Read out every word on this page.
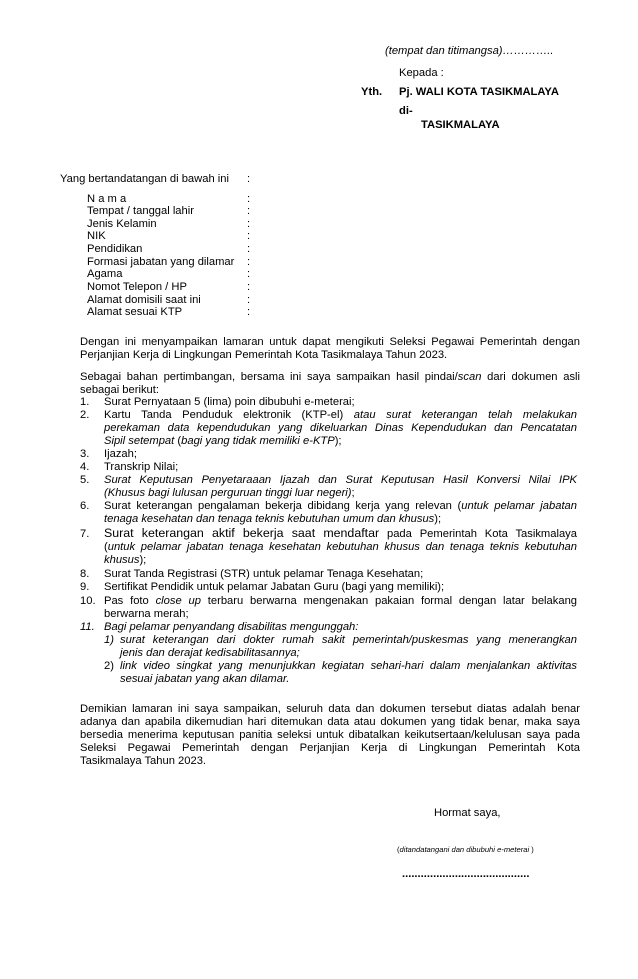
(tempat dan titimangsa)…………..

Kepada :

Yth. Pj. WALI KOTA TASIKMALAYA

di-

TASIKMALAYA

Yang bertandatangan di bawah ini :

N a m a	:
Tempat / tanggal lahir	:
Jenis Kelamin	:
NIK	:
Pendidikan	:
Formasi jabatan yang dilamar	:
Agama	:
Nomot Telepon / HP	:
Alamat domisili saat ini	:
Alamat sesuai KTP	:

Dengan ini menyampaikan lamaran untuk dapat mengikuti Seleksi Pegawai Pemerintah dengan

Perjanjian Kerja di Lingkungan Pemerintah Kota Tasikmalaya Tahun 2023.

Sebagai bahan pertimbangan, bersama ini saya sampaikan hasil pindai/scan dari dokumen asli

sebagai berikut:

1. Surat Pernyataan 5 (lima) poin dibubuhi e-meterai;
2. Kartu Tanda Penduduk elektronik (KTP-el) atau surat keterangan telah melakukan
perekaman data kependudukan yang dikeluarkan Dinas Kependudukan dan Pencatatan
Sipil setempat (bagi yang tidak memiliki e-KTP);
3. Ijazah;
4. Transkrip Nilai;
5. Surat Keputusan Penyetaraaan Ijazah dan Surat Keputusan Hasil Konversi Nilai IPK
(Khusus bagi lulusan perguruan tinggi luar negeri);
6. Surat keterangan pengalaman bekerja dibidang kerja yang relevan (untuk pelamar jabatan
tenaga kesehatan dan tenaga teknis kebutuhan umum dan khusus);
7. Surat keterangan aktif bekerja saat mendaftar pada Pemerintah Kota Tasikmalaya
(untuk pelamar jabatan tenaga kesehatan kebutuhan khusus dan tenaga teknis kebutuhan
khusus);
8. Surat Tanda Registrasi (STR) untuk pelamar Tenaga Kesehatan;
9. Sertifikat Pendidik untuk pelamar Jabatan Guru (bagi yang memiliki);
10. Pas foto close up terbaru berwarna mengenakan pakaian formal dengan latar belakang
berwarna merah;
11. Bagi pelamar penyandang disabilitas mengunggah:
1) surat keterangan dari dokter rumah sakit pemerintah/puskesmas yang menerangkan
jenis dan derajat kedisabilitasannya;
2) link video singkat yang menunjukkan kegiatan sehari-hari dalam menjalankan aktivitas
sesuai jabatan yang akan dilamar.

Demikian lamaran ini saya sampaikan, seluruh data dan dokumen tersebut diatas adalah benar

adanya dan apabila dikemudian hari ditemukan data atau dokumen yang tidak benar, maka saya

bersedia menerima keputusan panitia seleksi untuk dibatalkan keikutsertaan/kelulusan saya pada

Seleksi Pegawai Pemerintah dengan Perjanjian Kerja di Lingkungan Pemerintah Kota

Tasikmalaya Tahun 2023.

Hormat saya,

(ditandatangani dan dibubuhi e-meterai )

.........................................
